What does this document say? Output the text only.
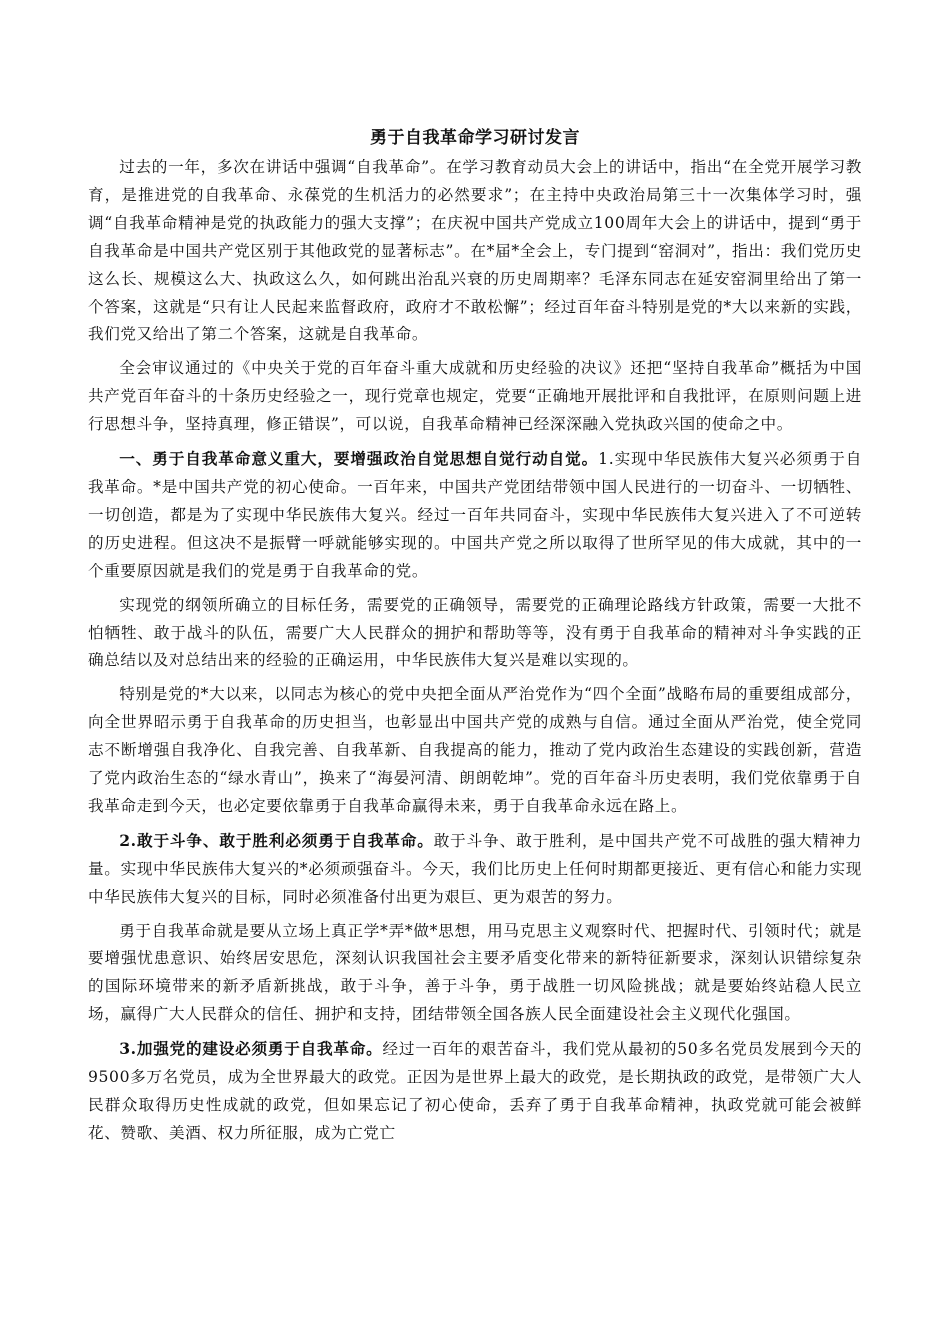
勇于自我革命学习研讨发言

过去的一年，多次在讲话中强调“自我革命”。在学习教育动员大会上的讲话中，指出“在全党开展学习教育，是推进党的自我革命、永葆党的生机活力的必然要求”；在主持中央政治局第三十一次集体学习时，强调“自我革命精神是党的执政能力的强大支撑”；在庆祝中国共产党成立100周年大会上的讲话中，提到“勇于自我革命是中国共产党区别于其他政党的显著标志”。在*届*全会上，专门提到“窑洞对”，指出：我们党历史这么长、规模这么大、执政这么久，如何跳出治乱兴衰的历史周期率？毛泽东同志在延安窑洞里给出了第一个答案，这就是“只有让人民起来监督政府，政府才不敢松懈”；经过百年奋斗特别是党的*大以来新的实践，我们党又给出了第二个答案，这就是自我革命。

全会审议通过的《中央关于党的百年奋斗重大成就和历史经验的决议》还把“坚持自我革命”概括为中国共产党百年奋斗的十条历史经验之一，现行党章也规定，党要“正确地开展批评和自我批评，在原则问题上进行思想斗争，坚持真理，修正错误”，可以说，自我革命精神已经深深融入党执政兴国的使命之中。

一、勇于自我革命意义重大，要增强政治自觉思想自觉行动自觉。1.实现中华民族伟大复兴必须勇于自我革命。*是中国共产党的初心使命。一百年来，中国共产党团结带领中国人民进行的一切奋斗、一切牺牲、一切创造，都是为了实现中华民族伟大复兴。经过一百年共同奋斗，实现中华民族伟大复兴进入了不可逆转的历史进程。但这决不是振臂一呼就能够实现的。中国共产党之所以取得了世所罕见的伟大成就，其中的一个重要原因就是我们的党是勇于自我革命的党。

实现党的纲领所确立的目标任务，需要党的正确领导，需要党的正确理论路线方针政策，需要一大批不怕牺牲、敢于战斗的队伍，需要广大人民群众的拥护和帮助等等，没有勇于自我革命的精神对斗争实践的正确总结以及对总结出来的经验的正确运用，中华民族伟大复兴是难以实现的。

特别是党的*大以来，以同志为核心的党中央把全面从严治党作为“四个全面”战略布局的重要组成部分，向全世界昭示勇于自我革命的历史担当，也彰显出中国共产党的成熟与自信。通过全面从严治党，使全党同志不断增强自我净化、自我完善、自我革新、自我提高的能力，推动了党内政治生态建设的实践创新，营造了党内政治生态的“绿水青山”，换来了“海晏河清、朗朗乾坤”。党的百年奋斗历史表明，我们党依靠勇于自我革命走到今天，也必定要依靠勇于自我革命赢得未来，勇于自我革命永远在路上。

2.敢于斗争、敢于胜利必须勇于自我革命。敢于斗争、敢于胜利，是中国共产党不可战胜的强大精神力量。实现中华民族伟大复兴的*必须顽强奋斗。今天，我们比历史上任何时期都更接近、更有信心和能力实现中华民族伟大复兴的目标，同时必须准备付出更为艰巨、更为艰苦的努力。

勇于自我革命就是要从立场上真正学*弄*做*思想，用马克思主义观察时代、把握时代、引领时代；就是要增强忧患意识、始终居安思危，深刻认识我国社会主要矛盾变化带来的新特征新要求，深刻认识错综复杂的国际环境带来的新矛盾新挑战，敢于斗争，善于斗争，勇于战胜一切风险挑战；就是要始终站稳人民立场，赢得广大人民群众的信任、拥护和支持，团结带领全国各族人民全面建设社会主义现代化强国。

3.加强党的建设必须勇于自我革命。经过一百年的艰苦奋斗，我们党从最初的50多名党员发展到今天的9500多万名党员，成为全世界最大的政党。正因为是世界上最大的政党，是长期执政的政党，是带领广大人民群众取得历史性成就的政党，但如果忘记了初心使命，丢弃了勇于自我革命精神，执政党就可能会被鲜花、赞歌、美酒、权力所征服，成为亡党亡
